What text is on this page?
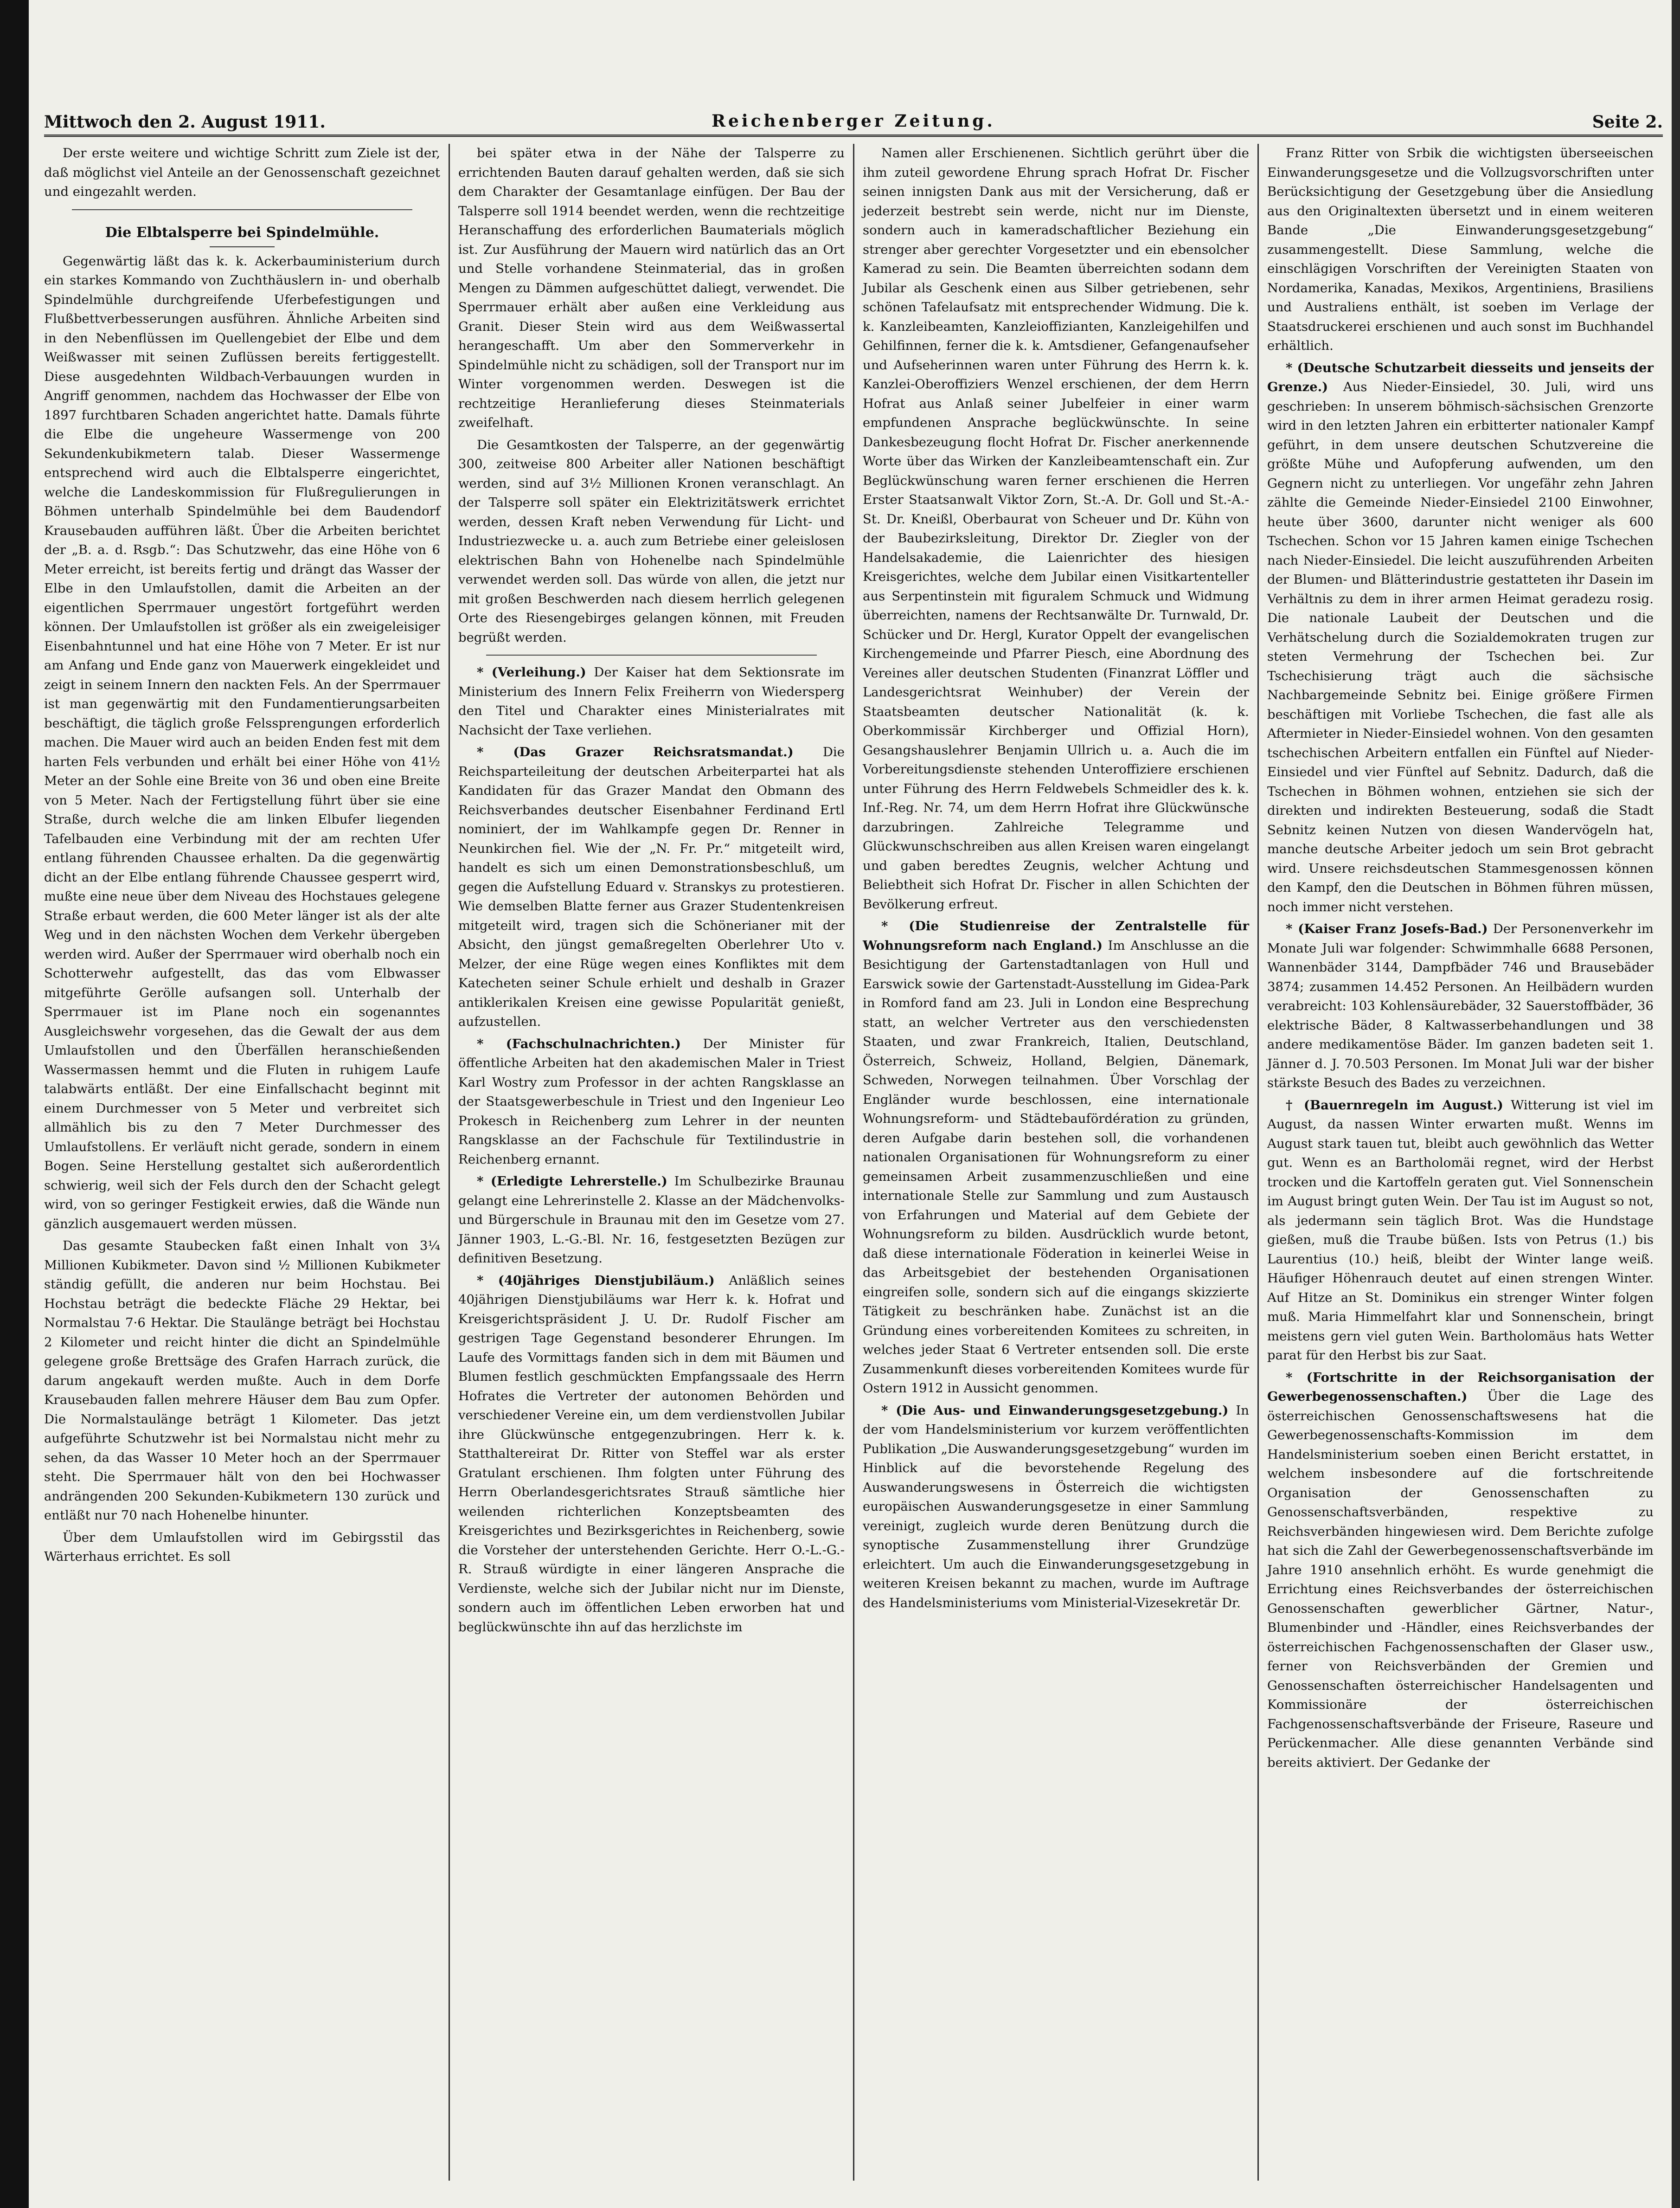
Mittwoch den 2. August 1911.	Reichenberger Zeitung.	Seite 2.

Der erste weitere und wichtige Schritt zum Ziele ist der, daß möglichst viel Anteile an der Genossenschaft gezeichnet und eingezahlt werden.

Die Elbtalsperre bei Spindelmühle.

Gegenwärtig läßt das k. k. Ackerbauministerium durch ein starkes Kommando von Zuchthäuslern in- und oberhalb Spindelmühle durchgreifende Uferbefestigungen und Flußbettverbesserungen ausführen. Ähnliche Arbeiten sind in den Nebenflüssen im Quellengebiet der Elbe und dem Weißwasser mit seinen Zuflüssen bereits fertiggestellt. Diese ausgedehnten Wildbach-Verbauungen wurden in Angriff genommen, nachdem das Hochwasser der Elbe von 1897 furchtbaren Schaden angerichtet hatte. Damals führte die Elbe die ungeheure Wassermenge von 200 Sekundenkubikmetern talab. Dieser Wassermenge entsprechend wird auch die Elbtalsperre eingerichtet, welche die Landeskommission für Flußregulierungen in Böhmen unterhalb Spindelmühle bei dem Baudendorf Krausebauden aufführen läßt. Über die Arbeiten berichtet der „B. a. d. Rsgb.“: Das Schutzwehr, das eine Höhe von 6 Meter erreicht, ist bereits fertig und drängt das Wasser der Elbe in den Umlaufstollen, damit die Arbeiten an der eigentlichen Sperrmauer ungestört fortgeführt werden können. Der Umlaufstollen ist größer als ein zweigeleisiger Eisenbahntunnel und hat eine Höhe von 7 Meter. Er ist nur am Anfang und Ende ganz von Mauerwerk eingekleidet und zeigt in seinem Innern den nackten Fels. An der Sperrmauer ist man gegenwärtig mit den Fundamentierungsarbeiten beschäftigt, die täglich große Felssprengungen erforderlich machen. Die Mauer wird auch an beiden Enden fest mit dem harten Fels verbunden und erhält bei einer Höhe von 41½ Meter an der Sohle eine Breite von 36 und oben eine Breite von 5 Meter. Nach der Fertigstellung führt über sie eine Straße, durch welche die am linken Elbufer liegenden Tafelbauden eine Verbindung mit der am rechten Ufer entlang führenden Chaussee erhalten. Da die gegenwärtig dicht an der Elbe entlang führende Chaussee gesperrt wird, mußte eine neue über dem Niveau des Hochstaues gelegene Straße erbaut werden, die 600 Meter länger ist als der alte Weg und in den nächsten Wochen dem Verkehr übergeben werden wird. Außer der Sperrmauer wird oberhalb noch ein Schotterwehr aufgestellt, das das vom Elbwasser mitgeführte Gerölle aufsangen soll. Unterhalb der Sperrmauer ist im Plane noch ein sogenanntes Ausgleichswehr vorgesehen, das die Gewalt der aus dem Umlaufstollen und den Überfällen heranschießenden Wassermassen hemmt und die Fluten in ruhigem Laufe talabwärts entläßt. Der eine Einfallschacht beginnt mit einem Durchmesser von 5 Meter und verbreitet sich allmählich bis zu den 7 Meter Durchmesser des Umlaufstollens. Er verläuft nicht gerade, sondern in einem Bogen. Seine Herstellung gestaltet sich außerordentlich schwierig, weil sich der Fels durch den der Schacht gelegt wird, von so geringer Festigkeit erwies, daß die Wände nun gänzlich ausgemauert werden müssen.

Das gesamte Staubecken faßt einen Inhalt von 3¼ Millionen Kubikmeter. Davon sind ½ Millionen Kubikmeter ständig gefüllt, die anderen nur beim Hochstau. Bei Hochstau beträgt die bedeckte Fläche 29 Hektar, bei Normalstau 7·6 Hektar. Die Staulänge beträgt bei Hochstau 2 Kilometer und reicht hinter die dicht an Spindelmühle gelegene große Brettsäge des Grafen Harrach zurück, die darum angekauft werden mußte. Auch in dem Dorfe Krausebauden fallen mehrere Häuser dem Bau zum Opfer. Die Normalstaulänge beträgt 1 Kilometer. Das jetzt aufgeführte Schutzwehr ist bei Normalstau nicht mehr zu sehen, da das Wasser 10 Meter hoch an der Sperrmauer steht. Die Sperrmauer hält von den bei Hochwasser andrängenden 200 Sekunden-Kubikmetern 130 zurück und entläßt nur 70 nach Hohenelbe hinunter.

Über dem Umlaufstollen wird im Gebirgsstil das Wärterhaus errichtet. Es soll

bei später etwa in der Nähe der Talsperre zu errichtenden Bauten darauf gehalten werden, daß sie sich dem Charakter der Gesamtanlage einfügen. Der Bau der Talsperre soll 1914 beendet werden, wenn die rechtzeitige Heranschaffung des erforderlichen Baumaterials möglich ist. Zur Ausführung der Mauern wird natürlich das an Ort und Stelle vorhandene Steinmaterial, das in großen Mengen zu Dämmen aufgeschüttet daliegt, verwendet. Die Sperrmauer erhält aber außen eine Verkleidung aus Granit. Dieser Stein wird aus dem Weißwassertal herangeschafft. Um aber den Sommerverkehr in Spindelmühle nicht zu schädigen, soll der Transport nur im Winter vorgenommen werden. Deswegen ist die rechtzeitige Heranlieferung dieses Steinmaterials zweifelhaft.

Die Gesamtkosten der Talsperre, an der gegenwärtig 300, zeitweise 800 Arbeiter aller Nationen beschäftigt werden, sind auf 3½ Millionen Kronen veranschlagt. An der Talsperre soll später ein Elektrizitätswerk errichtet werden, dessen Kraft neben Verwendung für Licht- und Industriezwecke u. a. auch zum Betriebe einer geleislosen elektrischen Bahn von Hohenelbe nach Spindelmühle verwendet werden soll. Das würde von allen, die jetzt nur mit großen Beschwerden nach diesem herrlich gelegenen Orte des Riesengebirges gelangen können, mit Freuden begrüßt werden.

* (Verleihung.) Der Kaiser hat dem Sektionsrate im Ministerium des Innern Felix Freiherrn von Wiedersperg den Titel und Charakter eines Ministerialrates mit Nachsicht der Taxe verliehen.

* (Das Grazer Reichsratsmandat.) Die Reichsparteileitung der deutschen Arbeiterpartei hat als Kandidaten für das Grazer Mandat den Obmann des Reichsverbandes deutscher Eisenbahner Ferdinand Ertl nominiert, der im Wahlkampfe gegen Dr. Renner in Neunkirchen fiel. Wie der „N. Fr. Pr.“ mitgeteilt wird, handelt es sich um einen Demonstrationsbeschluß, um gegen die Aufstellung Eduard v. Stranskys zu protestieren. Wie demselben Blatte ferner aus Grazer Studentenkreisen mitgeteilt wird, tragen sich die Schönerianer mit der Absicht, den jüngst gemaßregelten Oberlehrer Uto v. Melzer, der eine Rüge wegen eines Konfliktes mit dem Katecheten seiner Schule erhielt und deshalb in Grazer antiklerikalen Kreisen eine gewisse Popularität genießt, aufzustellen.

* (Fachschulnachrichten.) Der Minister für öffentliche Arbeiten hat den akademischen Maler in Triest Karl Wostry zum Professor in der achten Rangsklasse an der Staatsgewerbeschule in Triest und den Ingenieur Leo Prokesch in Reichenberg zum Lehrer in der neunten Rangsklasse an der Fachschule für Textilindustrie in Reichenberg ernannt.

* (Erledigte Lehrerstelle.) Im Schulbezirke Braunau gelangt eine Lehrerinstelle 2. Klasse an der Mädchenvolks- und Bürgerschule in Braunau mit den im Gesetze vom 27. Jänner 1903, L.-G.-Bl. Nr. 16, festgesetzten Bezügen zur definitiven Besetzung.

* (40jähriges Dienstjubiläum.) Anläßlich seines 40jährigen Dienstjubiläums war Herr k. k. Hofrat und Kreisgerichtspräsident J. U. Dr. Rudolf Fischer am gestrigen Tage Gegenstand besonderer Ehrungen. Im Laufe des Vormittags fanden sich in dem mit Bäumen und Blumen festlich geschmückten Empfangssaale des Herrn Hofrates die Vertreter der autonomen Behörden und verschiedener Vereine ein, um dem verdienstvollen Jubilar ihre Glückwünsche entgegenzubringen. Herr k. k. Statthaltereirat Dr. Ritter von Steffel war als erster Gratulant erschienen. Ihm folgten unter Führung des Herrn Oberlandesgerichtsrates Strauß sämtliche hier weilenden richterlichen Konzeptsbeamten des Kreisgerichtes und Bezirksgerichtes in Reichenberg, sowie die Vorsteher der unterstehenden Gerichte. Herr O.-L.-G.-R. Strauß würdigte in einer längeren Ansprache die Verdienste, welche sich der Jubilar nicht nur im Dienste, sondern auch im öffentlichen Leben erworben hat und beglückwünschte ihn auf das herzlichste im

Namen aller Erschienenen. Sichtlich gerührt über die ihm zuteil gewordene Ehrung sprach Hofrat Dr. Fischer seinen innigsten Dank aus mit der Versicherung, daß er jederzeit bestrebt sein werde, nicht nur im Dienste, sondern auch in kameradschaftlicher Beziehung ein strenger aber gerechter Vorgesetzter und ein ebensolcher Kamerad zu sein. Die Beamten überreichten sodann dem Jubilar als Geschenk einen aus Silber getriebenen, sehr schönen Tafelaufsatz mit entsprechender Widmung. Die k. k. Kanzleibeamten, Kanzleioffizianten, Kanzleigehilfen und Gehilfinnen, ferner die k. k. Amtsdiener, Gefangenaufseher und Aufseherinnen waren unter Führung des Herrn k. k. Kanzlei-Oberoffiziers Wenzel erschienen, der dem Herrn Hofrat aus Anlaß seiner Jubelfeier in einer warm empfundenen Ansprache beglückwünschte. In seine Dankesbezeugung flocht Hofrat Dr. Fischer anerkennende Worte über das Wirken der Kanzleibeamtenschaft ein. Zur Beglückwünschung waren ferner erschienen die Herren Erster Staatsanwalt Viktor Zorn, St.-A. Dr. Goll und St.-A.-St. Dr. Kneißl, Oberbaurat von Scheuer und Dr. Kühn von der Baubezirksleitung, Direktor Dr. Ziegler von der Handelsakademie, die Laienrichter des hiesigen Kreisgerichtes, welche dem Jubilar einen Visitkartenteller aus Serpentinstein mit figuralem Schmuck und Widmung überreichten, namens der Rechtsanwälte Dr. Turnwald, Dr. Schücker und Dr. Hergl, Kurator Oppelt der evangelischen Kirchengemeinde und Pfarrer Piesch, eine Abordnung des Vereines aller deutschen Studenten (Finanzrat Löffler und Landesgerichtsrat Weinhuber) der Verein der Staatsbeamten deutscher Nationalität (k. k. Oberkommissär Kirchberger und Offizial Horn), Gesangshauslehrer Benjamin Ullrich u. a. Auch die im Vorbereitungsdienste stehenden Unteroffiziere erschienen unter Führung des Herrn Feldwebels Schmeidler des k. k. Inf.-Reg. Nr. 74, um dem Herrn Hofrat ihre Glückwünsche darzubringen. Zahlreiche Telegramme und Glückwunschschreiben aus allen Kreisen waren eingelangt und gaben beredtes Zeugnis, welcher Achtung und Beliebtheit sich Hofrat Dr. Fischer in allen Schichten der Bevölkerung erfreut.

* (Die Studienreise der Zentralstelle für Wohnungsreform nach England.) Im Anschlusse an die Besichtigung der Gartenstadtanlagen von Hull und Earswick sowie der Gartenstadt-Ausstellung im Gidea-Park in Romford fand am 23. Juli in London eine Besprechung statt, an welcher Vertreter aus den verschiedensten Staaten, und zwar Frankreich, Italien, Deutschland, Österreich, Schweiz, Holland, Belgien, Dänemark, Schweden, Norwegen teilnahmen. Über Vorschlag der Engländer wurde beschlossen, eine internationale Wohnungsreform- und Städtebaufördération zu gründen, deren Aufgabe darin bestehen soll, die vorhandenen nationalen Organisationen für Wohnungsreform zu einer gemeinsamen Arbeit zusammenzuschließen und eine internationale Stelle zur Sammlung und zum Austausch von Erfahrungen und Material auf dem Gebiete der Wohnungsreform zu bilden. Ausdrücklich wurde betont, daß diese internationale Föderation in keinerlei Weise in das Arbeitsgebiet der bestehenden Organisationen eingreifen solle, sondern sich auf die eingangs skizzierte Tätigkeit zu beschränken habe. Zunächst ist an die Gründung eines vorbereitenden Komitees zu schreiten, in welches jeder Staat 6 Vertreter entsenden soll. Die erste Zusammenkunft dieses vorbereitenden Komitees wurde für Ostern 1912 in Aussicht genommen.

* (Die Aus- und Einwanderungsgesetzgebung.) In der vom Handelsministerium vor kurzem veröffentlichten Publikation „Die Auswanderungsgesetzgebung“ wurden im Hinblick auf die bevorstehende Regelung des Auswanderungswesens in Österreich die wichtigsten europäischen Auswanderungsgesetze in einer Sammlung vereinigt, zugleich wurde deren Benützung durch die synoptische Zusammenstellung ihrer Grundzüge erleichtert. Um auch die Einwanderungsgesetzgebung in weiteren Kreisen bekannt zu machen, wurde im Auftrage des Handelsministeriums vom Ministerial-Vizesekretär Dr.

Franz Ritter von Srbik die wichtigsten überseeischen Einwanderungsgesetze und die Vollzugsvorschriften unter Berücksichtigung der Gesetzgebung über die Ansiedlung aus den Originaltexten übersetzt und in einem weiteren Bande „Die Einwanderungsgesetzgebung“ zusammengestellt. Diese Sammlung, welche die einschlägigen Vorschriften der Vereinigten Staaten von Nordamerika, Kanadas, Mexikos, Argentiniens, Brasiliens und Australiens enthält, ist soeben im Verlage der Staatsdruckerei erschienen und auch sonst im Buchhandel erhältlich.

* (Deutsche Schutzarbeit diesseits und jenseits der Grenze.) Aus Nieder-Einsiedel, 30. Juli, wird uns geschrieben: In unserem böhmisch-sächsischen Grenzorte wird in den letzten Jahren ein erbitterter nationaler Kampf geführt, in dem unsere deutschen Schutzvereine die größte Mühe und Aufopferung aufwenden, um den Gegnern nicht zu unterliegen. Vor ungefähr zehn Jahren zählte die Gemeinde Nieder-Einsiedel 2100 Einwohner, heute über 3600, darunter nicht weniger als 600 Tschechen. Schon vor 15 Jahren kamen einige Tschechen nach Nieder-Einsiedel. Die leicht auszuführenden Arbeiten der Blumen- und Blätterindustrie gestatteten ihr Dasein im Verhältnis zu dem in ihrer armen Heimat geradezu rosig. Die nationale Laubeit der Deutschen und die Verhätschelung durch die Sozialdemokraten trugen zur steten Vermehrung der Tschechen bei. Zur Tschechisierung trägt auch die sächsische Nachbargemeinde Sebnitz bei. Einige größere Firmen beschäftigen mit Vorliebe Tschechen, die fast alle als Aftermieter in Nieder-Einsiedel wohnen. Von den gesamten tschechischen Arbeitern entfallen ein Fünftel auf Nieder-Einsiedel und vier Fünftel auf Sebnitz. Dadurch, daß die Tschechen in Böhmen wohnen, entziehen sie sich der direkten und indirekten Besteuerung, sodaß die Stadt Sebnitz keinen Nutzen von diesen Wandervögeln hat, manche deutsche Arbeiter jedoch um sein Brot gebracht wird. Unsere reichsdeutschen Stammesgenossen können den Kampf, den die Deutschen in Böhmen führen müssen, noch immer nicht verstehen.

* (Kaiser Franz Josefs-Bad.) Der Personenverkehr im Monate Juli war folgender: Schwimmhalle 6688 Personen, Wannenbäder 3144, Dampfbäder 746 und Brausebäder 3874; zusammen 14.452 Personen. An Heilbädern wurden verabreicht: 103 Kohlensäurebäder, 32 Sauerstoffbäder, 36 elektrische Bäder, 8 Kaltwasserbehandlungen und 38 andere medikamentöse Bäder. Im ganzen badeten seit 1. Jänner d. J. 70.503 Personen. Im Monat Juli war der bisher stärkste Besuch des Bades zu verzeichnen.

† (Bauernregeln im August.) Witterung ist viel im August, da nassen Winter erwarten mußt. Wenns im August stark tauen tut, bleibt auch gewöhnlich das Wetter gut. Wenn es an Bartholomäi regnet, wird der Herbst trocken und die Kartoffeln geraten gut. Viel Sonnenschein im August bringt guten Wein. Der Tau ist im August so not, als jedermann sein täglich Brot. Was die Hundstage gießen, muß die Traube büßen. Ists von Petrus (1.) bis Laurentius (10.) heiß, bleibt der Winter lange weiß. Häufiger Höhenrauch deutet auf einen strengen Winter. Auf Hitze an St. Dominikus ein strenger Winter folgen muß. Maria Himmelfahrt klar und Sonnenschein, bringt meistens gern viel guten Wein. Bartholomäus hats Wetter parat für den Herbst bis zur Saat.

* (Fortschritte in der Reichsorganisation der Gewerbegenossenschaften.) Über die Lage des österreichischen Genossenschaftswesens hat die Gewerbegenossenschafts-Kommission im dem Handelsministerium soeben einen Bericht erstattet, in welchem insbesondere auf die fortschreitende Organisation der Genossenschaften zu Genossenschaftsverbänden, respektive zu Reichsverbänden hingewiesen wird. Dem Berichte zufolge hat sich die Zahl der Gewerbegenossenschaftsverbände im Jahre 1910 ansehnlich erhöht. Es wurde genehmigt die Errichtung eines Reichsverbandes der österreichischen Genossenschaften gewerblicher Gärtner, Natur-, Blumenbinder und -Händler, eines Reichsverbandes der österreichischen Fachgenossenschaften der Glaser usw., ferner von Reichsverbänden der Gremien und Genossenschaften österreichischer Handelsagenten und Kommissionäre der österreichischen Fachgenossenschaftsverbände der Friseure, Raseure und Perückenmacher. Alle diese genannten Verbände sind bereits aktiviert. Der Gedanke der
